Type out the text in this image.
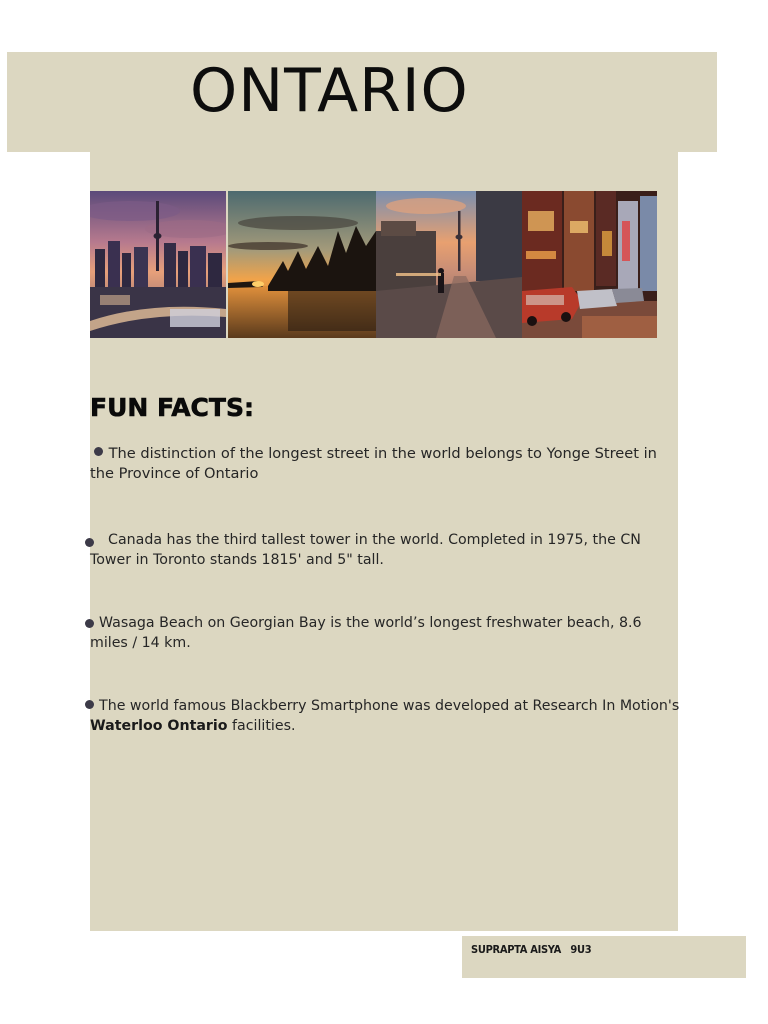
ONTARIO
FUN FACTS:

The distinction of the longest street in the world belongs to Yonge Street in the Province of Ontario

Canada has the third tallest tower in the world. Completed in 1975, the CN Tower in Toronto stands 1815' and 5" tall.

Wasaga Beach on Georgian Bay is the world’s longest freshwater beach, 8.6 miles / 14 km.

The world famous Blackberry Smartphone was developed at Research In Motion's Waterloo Ontario facilities.

SUPRAPTA AISYA 9U3
